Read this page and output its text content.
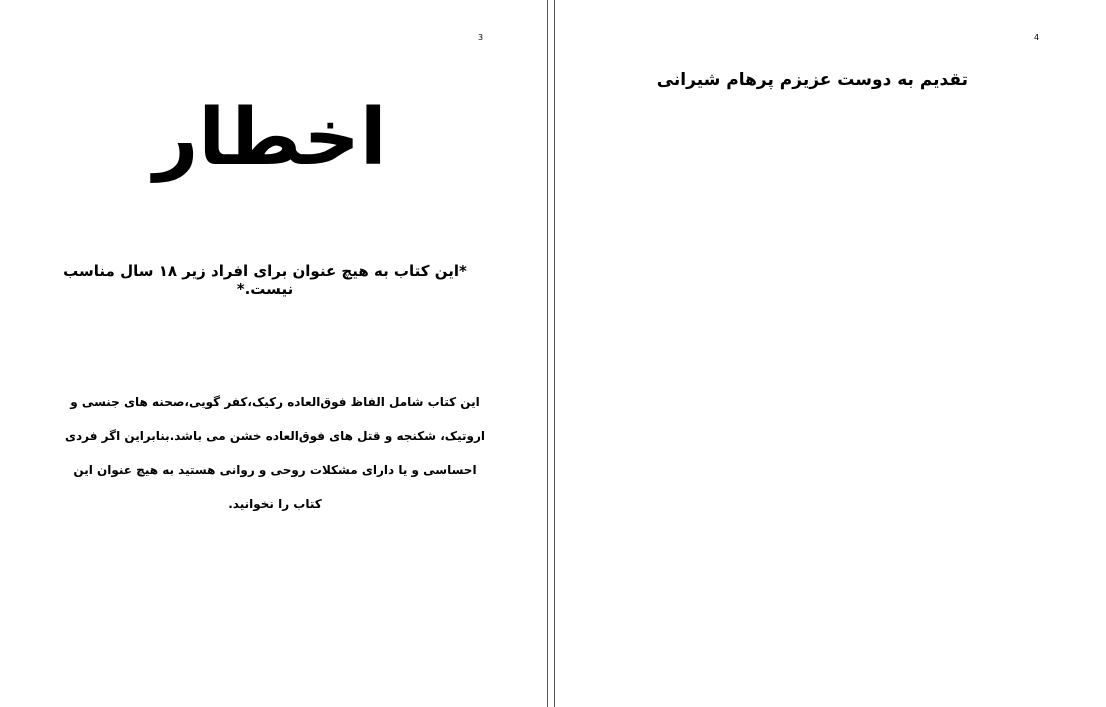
3
اخطار
*این کتاب به هیچ عنوان برای افراد زیر ۱۸ سال مناسب نیست.*
این کتاب شامل الفاظ فوق‌العاده رکیک،کفر گویی،صحنه های جنسی و اروتیک، شکنجه و قتل های فوق‌العاده خشن می باشد.بنابراین اگر فردی احساسی و یا دارای مشکلات روحی و روانی هستید به هیچ عنوان این کتاب را نخوانید.
4
تقدیم به دوست عزیزم پرهام شیرانی
